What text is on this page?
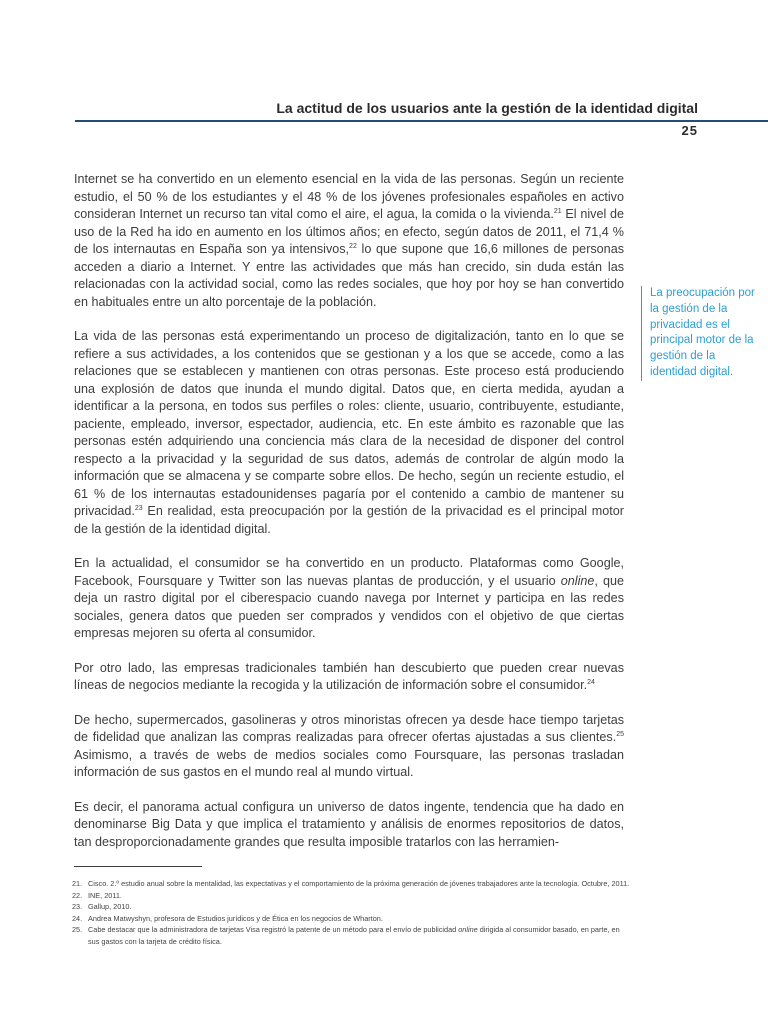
La actitud de los usuarios ante la gestión de la identidad digital
25

Internet se ha convertido en un elemento esencial en la vida de las personas. Según un reciente estudio, el 50 % de los estudiantes y el 48 % de los jóvenes profesionales españoles en activo consideran Internet un recurso tan vital como el aire, el agua, la comida o la vivienda.$^{21}$ El nivel de uso de la Red ha ido en aumento en los últimos años; en efecto, según datos de 2011, el 71,4 % de los internautas en España son ya intensivos,$^{22}$ lo que supone que 16,6 millones de personas acceden a diario a Internet. Y entre las actividades que más han crecido, sin duda están las relacionadas con la actividad social, como las redes sociales, que hoy por hoy se han convertido en habituales entre un alto porcentaje de la población.

La vida de las personas está experimentando un proceso de digitalización, tanto en lo que se refiere a sus actividades, a los contenidos que se gestionan y a los que se accede, como a las relaciones que se establecen y mantienen con otras personas. Este proceso está produciendo una explosión de datos que inunda el mundo digital. Datos que, en cierta medida, ayudan a identificar a la persona, en todos sus perfiles o roles: cliente, usuario, contribuyente, estudiante, paciente, empleado, inversor, espectador, audiencia, etc. En este ámbito es razonable que las personas estén adquiriendo una conciencia más clara de la necesidad de disponer del control respecto a la privacidad y la seguridad de sus datos, además de controlar de algún modo la información que se almacena y se comparte sobre ellos. De hecho, según un reciente estudio, el 61 % de los internautas estadounidenses pagaría por el contenido a cambio de mantener su privacidad.$^{23}$ En realidad, esta preocupación por la gestión de la privacidad es el principal motor de la gestión de la identidad digital.

En la actualidad, el consumidor se ha convertido en un producto. Plataformas como Google, Facebook, Foursquare y Twitter son las nuevas plantas de producción, y el usuario online, que deja un rastro digital por el ciberespacio cuando navega por Internet y participa en las redes sociales, genera datos que pueden ser comprados y vendidos con el objetivo de que ciertas empresas mejoren su oferta al consumidor.

Por otro lado, las empresas tradicionales también han descubierto que pueden crear nuevas líneas de negocios mediante la recogida y la utilización de información sobre el consumidor.$^{24}$

De hecho, supermercados, gasolineras y otros minoristas ofrecen ya desde hace tiempo tarjetas de fidelidad que analizan las compras realizadas para ofrecer ofertas ajustadas a sus clientes.$^{25}$ Asimismo, a través de webs de medios sociales como Foursquare, las personas trasladan información de sus gastos en el mundo real al mundo virtual.

Es decir, el panorama actual configura un universo de datos ingente, tendencia que ha dado en denominarse Big Data y que implica el tratamiento y análisis de enormes repositorios de datos, tan desproporcionadamente grandes que resulta imposible tratarlos con las herramien-

La preocupación por la gestión de la privacidad es el principal motor de la gestión de la identidad digital.
21. Cisco. 2.º estudio anual sobre la mentalidad, las expectativas y el comportamiento de la próxima generación de jóvenes trabajadores ante la tecnología. Octubre, 2011.
22. INE, 2011.
23. Gallup, 2010.
24. Andrea Matwyshyn, profesora de Estudios jurídicos y de Ética en los negocios de Wharton.
25. Cabe destacar que la administradora de tarjetas Visa registró la patente de un método para el envío de publicidad online dirigida al consumidor basado, en parte, en sus gastos con la tarjeta de crédito física.
